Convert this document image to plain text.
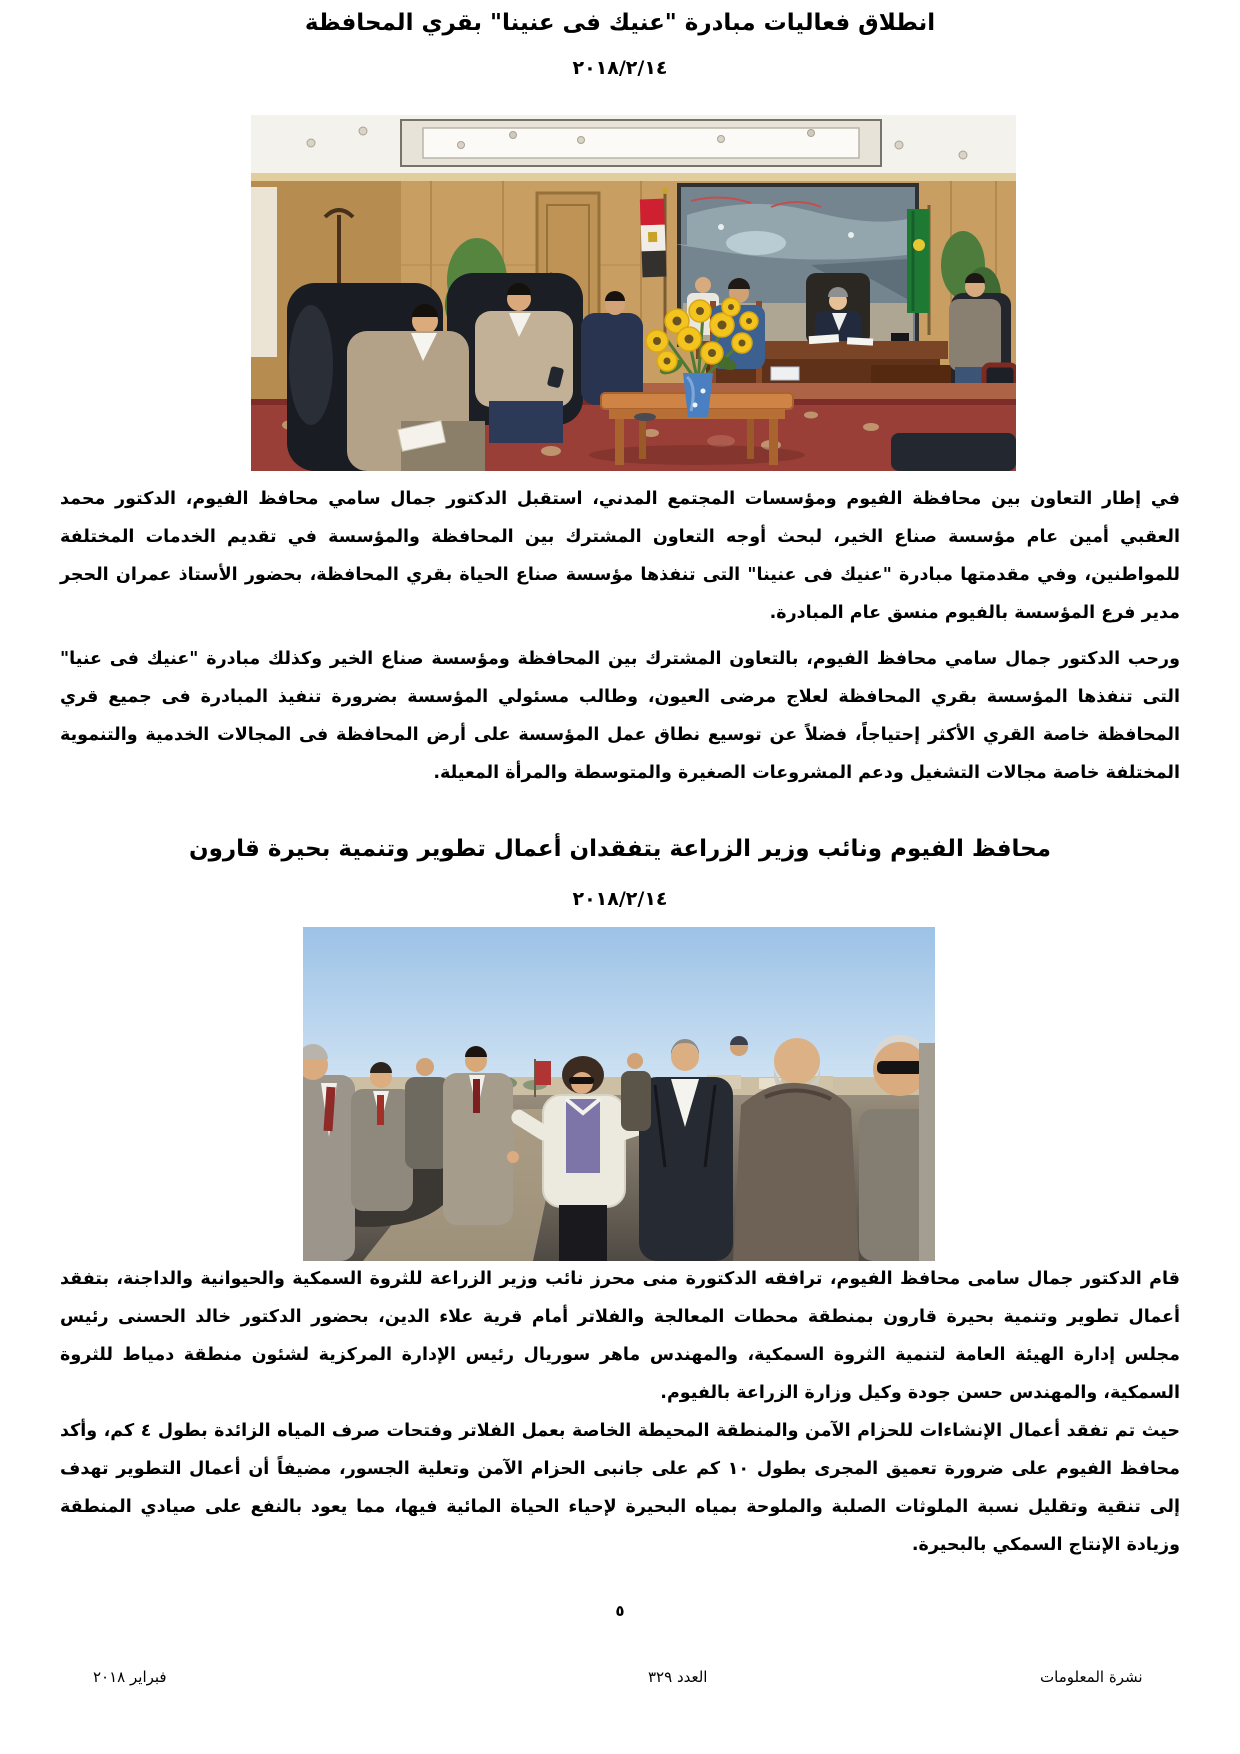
انطلاق فعاليات مبادرة "عنيك فى عنينا" بقري المحافظة
٢٠١٨/٢/١٤

في إطار التعاون بين محافظة الفيوم ومؤسسات المجتمع المدني، استقبل الدكتور جمال سامي محافظ الفيوم، الدكتور محمد العقبي أمين عام مؤسسة صناع الخير، لبحث أوجه التعاون المشترك بين المحافظة والمؤسسة في تقديم الخدمات المختلفة للمواطنين، وفي مقدمتها مبادرة "عنيك فى عنينا" التى تنفذها مؤسسة صناع الحياة بقري المحافظة، بحضور الأستاذ عمران الحجر مدير فرع المؤسسة بالفيوم منسق عام المبادرة.

ورحب الدكتور جمال سامي محافظ الفيوم، بالتعاون المشترك بين المحافظة ومؤسسة صناع الخير وكذلك مبادرة "عنيك فى عنيا" التى تنفذها المؤسسة بقري المحافظة لعلاج مرضى العيون، وطالب مسئولي المؤسسة بضرورة تنفيذ المبادرة فى جميع قري المحافظة خاصة القري الأكثر إحتياجاً، فضلاً عن توسيع نطاق عمل المؤسسة على أرض المحافظة فى المجالات الخدمية والتنموية المختلفة خاصة مجالات التشغيل ودعم المشروعات الصغيرة والمتوسطة والمرأة المعيلة.

محافظ الفيوم ونائب وزير الزراعة يتفقدان أعمال تطوير وتنمية بحيرة قارون
٢٠١٨/٢/١٤

قام الدكتور جمال سامى محافظ الفيوم، ترافقه الدكتورة منى محرز نائب وزير الزراعة للثروة السمكية والحيوانية والداجنة، بتفقد أعمال تطوير وتنمية بحيرة قارون بمنطقة محطات المعالجة والفلاتر أمام قرية علاء الدين، بحضور الدكتور خالد الحسنى رئيس مجلس إدارة الهيئة العامة لتنمية الثروة السمكية، والمهندس ماهر سوريال رئيس الإدارة المركزية لشئون منطقة دمياط للثروة السمكية، والمهندس حسن جودة وكيل وزارة الزراعة بالفيوم.

حيث تم تفقد أعمال الإنشاءات للحزام الآمن والمنطقة المحيطة الخاصة بعمل الفلاتر وفتحات صرف المياه الزائدة بطول ٤ كم، وأكد محافظ الفيوم على ضرورة تعميق المجرى بطول ١٠ كم على جانبى الحزام الآمن وتعلية الجسور، مضيفاً أن أعمال التطوير تهدف إلى تنقية وتقليل نسبة الملوثات الصلبة والملوحة بمياه البحيرة لإحياء الحياة المائية فيها، مما يعود بالنفع على صيادي المنطقة وزيادة الإنتاج السمكي بالبحيرة.

٥
فبراير ٢٠١٨	العدد ٣٢٩	نشرة المعلومات
